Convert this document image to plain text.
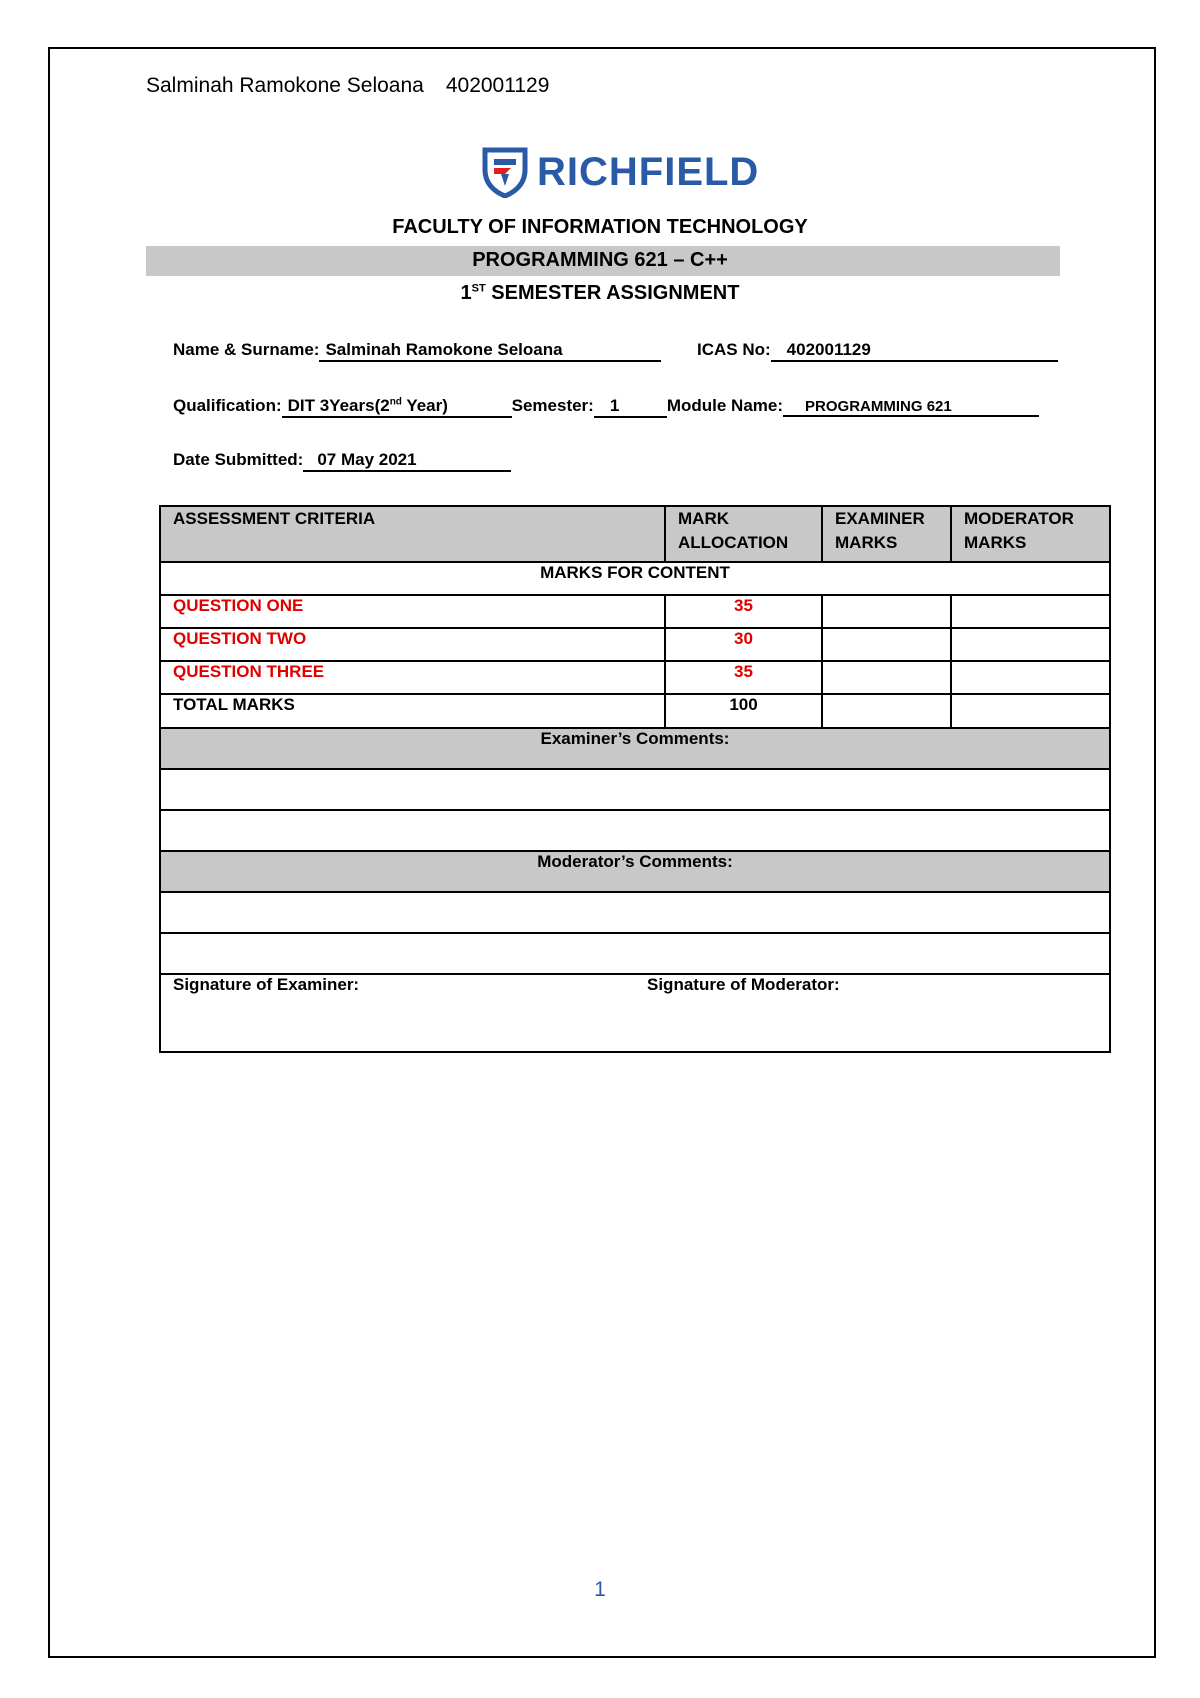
Salminah Ramokone Seloana 402001129
RICHFIELD
FACULTY OF INFORMATION TECHNOLOGY
PROGRAMMING 621 – C++
1ST SEMESTER ASSIGNMENT
Name & Surname: Salminah Ramokone Seloana	ICAS No: 402001129
Qualification: DIT 3Years(2nd Year)	Semester: 1	Module Name: PROGRAMMING 621
Date Submitted: 07 May 2021
ASSESSMENT CRITERIA	MARK ALLOCATION	EXAMINER MARKS	MODERATOR MARKS
MARKS FOR CONTENT			
QUESTION ONE	35		
QUESTION TWO	30		
QUESTION THREE	35		
TOTAL MARKS	100		
Examiner’s Comments:			

Moderator’s Comments:			

Signature of Examiner: Signature of Moderator:			
1
